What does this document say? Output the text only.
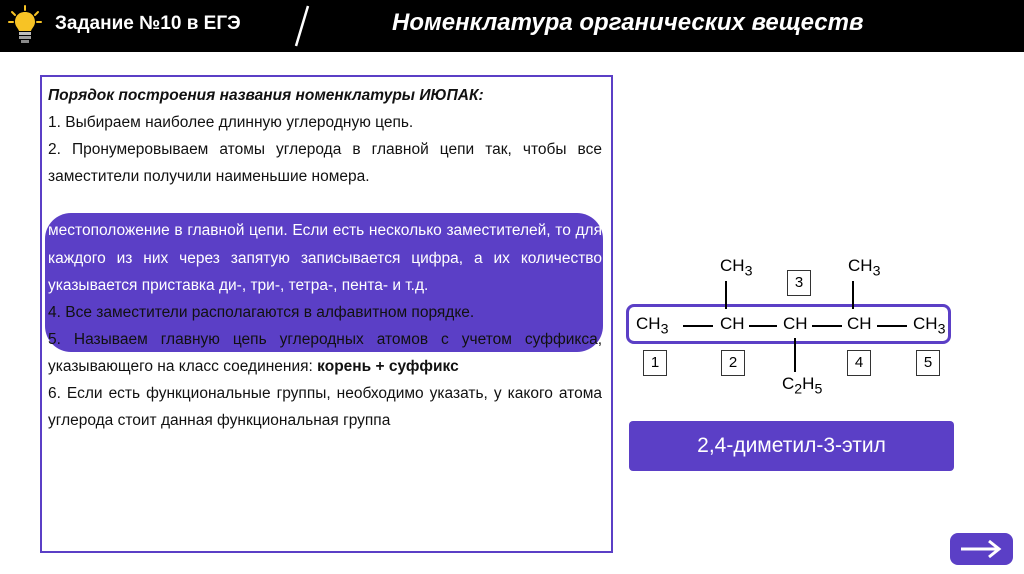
Задание №10 в ЕГЭ	Номенклатура органических веществ

Порядок построения названия номенклатуры ИЮПАК:

1. Выбираем наиболее длинную углеродную цепь.

2. Пронумеровываем атомы углерода в главной цепи так, чтобы все заместители получили наименьшие номера.

3. Называем все заместители, указав впереди цифры, обозначающие их местоположение в главной цепи. Если есть несколько заместителей, то для каждого из них через запятую записывается цифра, а их количество указывается приставка ди-, три-, тетра-, пента- и т.д.

4. Все заместители располагаются в алфавитном порядке.

5. Называем главную цепь углеродных атомов с учетом суффикса, указывающего на класс соединения: корень + суффикс

6. Если есть функциональные группы, необходимо указать, у какого атома углерода стоит данная функциональная группа

$CH_3$	$CH_3$
$CH_3$	CH CH CH $CH_3$
$C_2H_5$
3
1	2	4	5
2,4-диметил-3-этил
